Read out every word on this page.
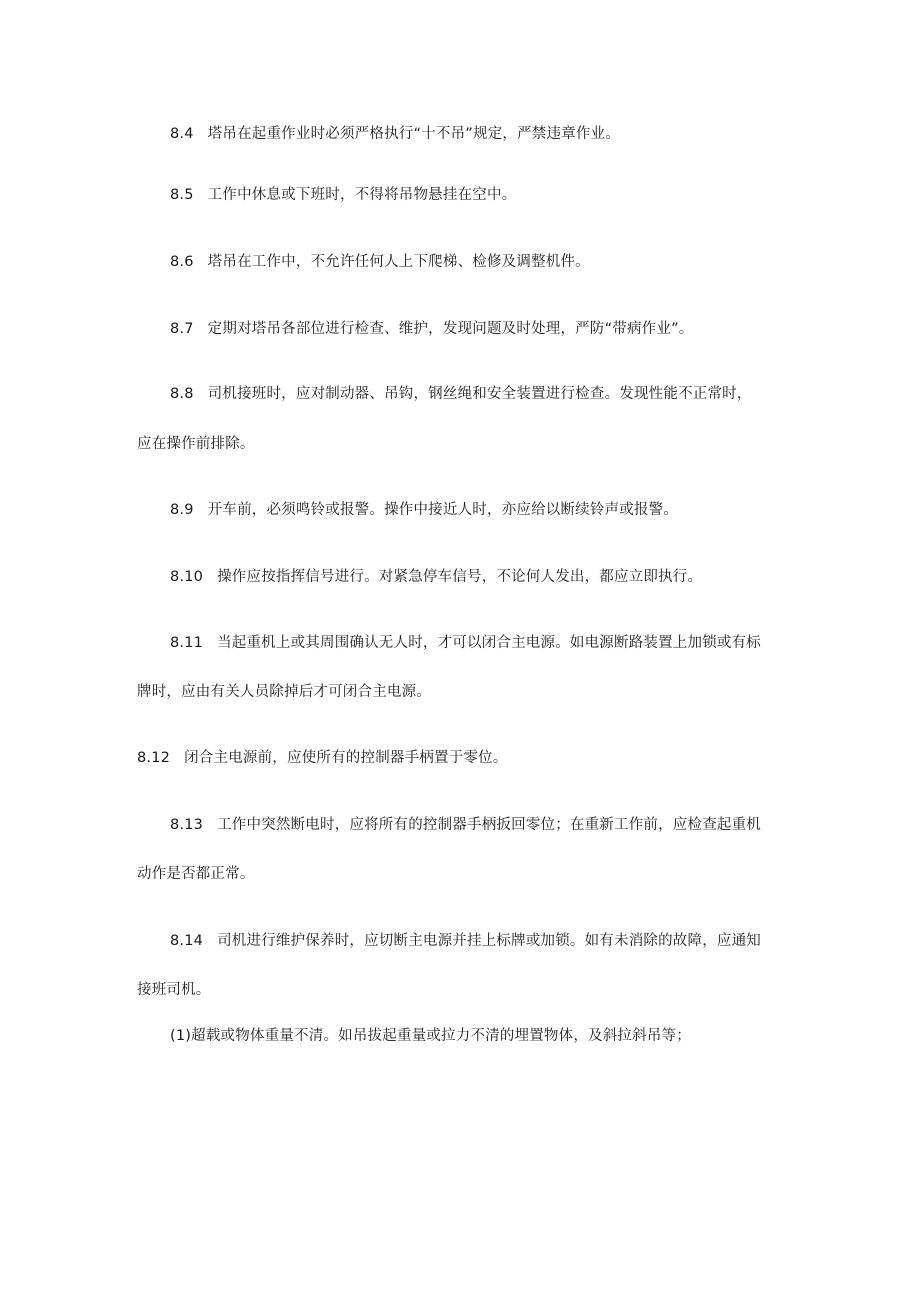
8.4 塔吊在起重作业时必须严格执行“十不吊”规定，严禁违章作业。
8.5 工作中休息或下班时，不得将吊物悬挂在空中。
8.6 塔吊在工作中，不允许任何人上下爬梯、检修及调整机件。
8.7 定期对塔吊各部位进行检查、维护，发现问题及时处理，严防“带病作业”。
8.8 司机接班时，应对制动器、吊钩，钢丝绳和安全装置进行检查。发现性能不正常时，
应在操作前排除。
8.9 开车前，必须鸣铃或报警。操作中接近人时，亦应给以断续铃声或报警。
8.10 操作应按指挥信号进行。对紧急停车信号，不论何人发出，都应立即执行。
8.11 当起重机上或其周围确认无人时，才可以闭合主电源。如电源断路装置上加锁或有标
牌时，应由有关人员除掉后才可闭合主电源。
8.12 闭合主电源前，应使所有的控制器手柄置于零位。
8.13 工作中突然断电时，应将所有的控制器手柄扳回零位；在重新工作前，应检查起重机
动作是否都正常。
8.14 司机进行维护保养时，应切断主电源并挂上标牌或加锁。如有未消除的故障，应通知
接班司机。
(1)超载或物体重量不清。如吊拔起重量或拉力不清的埋置物体，及斜拉斜吊等；
